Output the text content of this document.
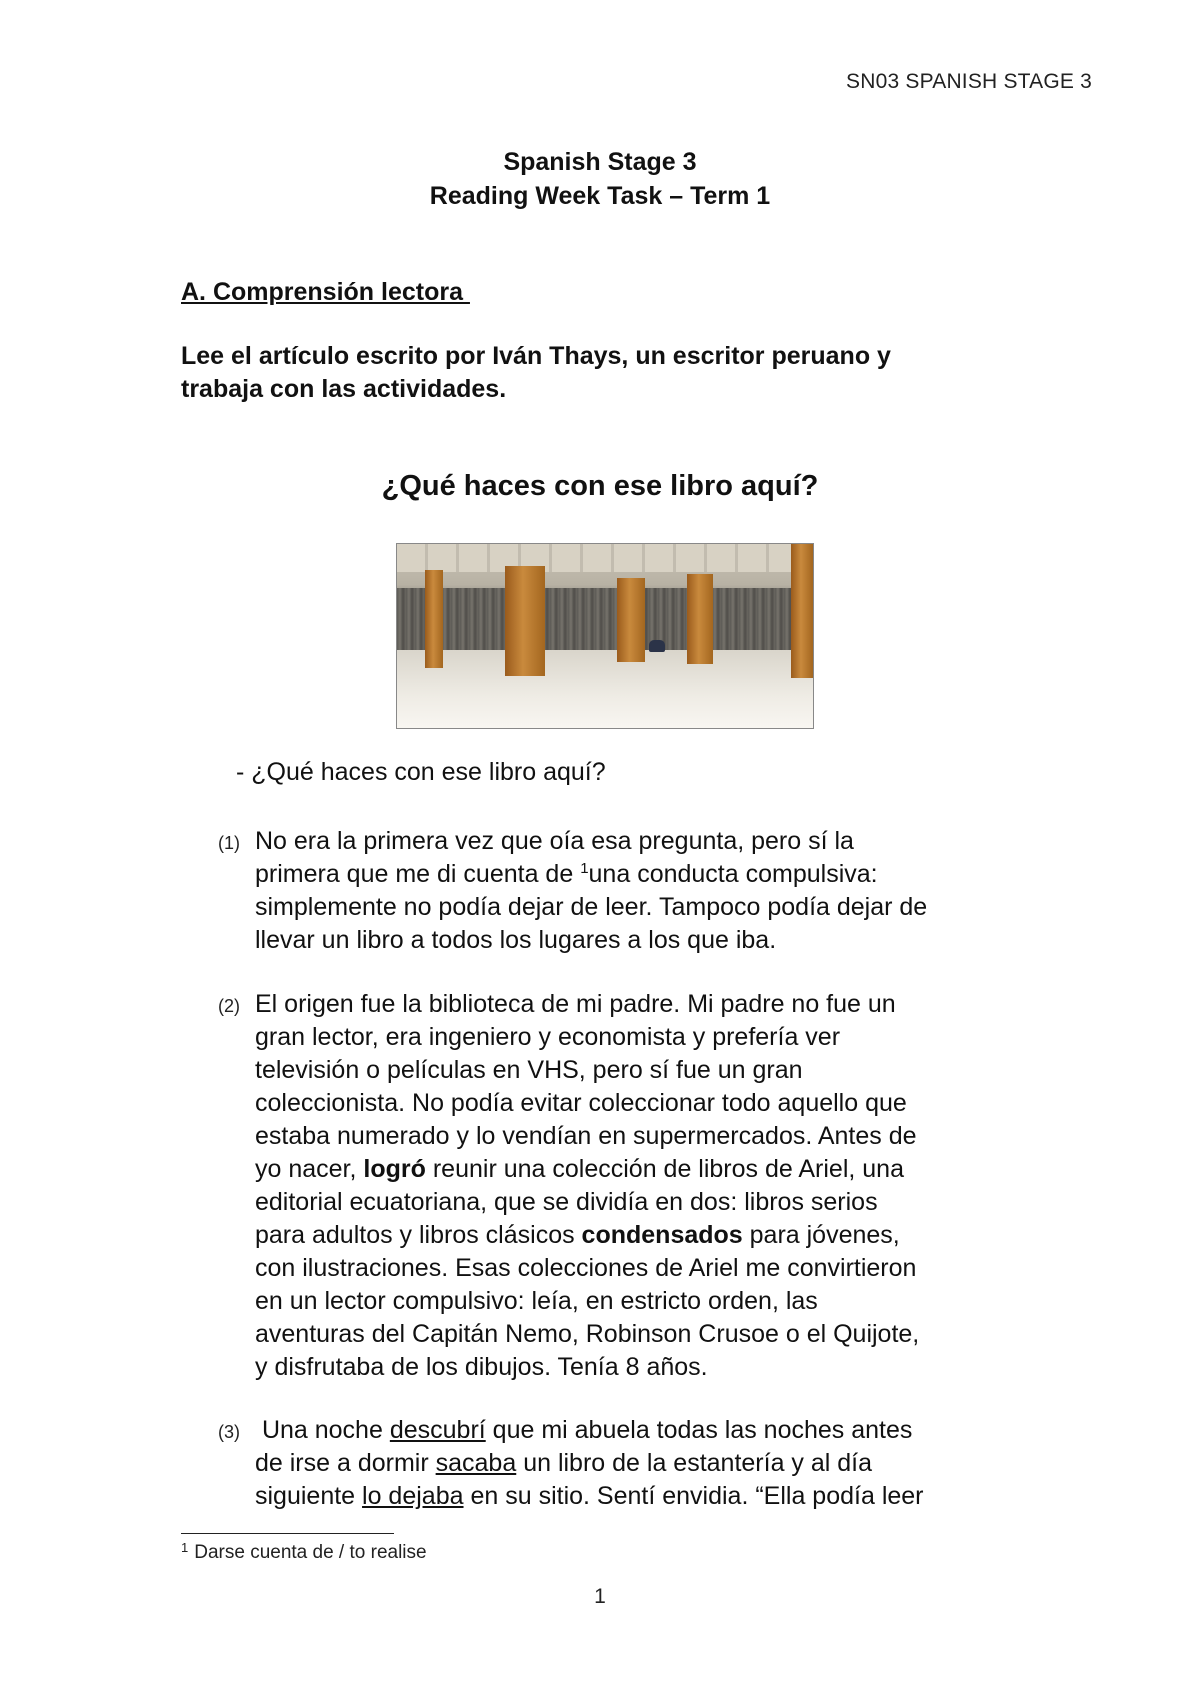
SN03 SPANISH STAGE 3
Spanish Stage 3
Reading Week Task – Term 1
A. Comprensión lectora
Lee el artículo escrito por Iván Thays, un escritor peruano y
trabaja con las actividades.
¿Qué haces con ese libro aquí?
- ¿Qué haces con ese libro aquí?
(1) No era la primera vez que oía esa pregunta, pero sí la
primera que me di cuenta de $^1$una conducta compulsiva:
simplemente no podía dejar de leer. Tampoco podía dejar de
llevar un libro a todos los lugares a los que iba.
(2) El origen fue la biblioteca de mi padre. Mi padre no fue un
gran lector, era ingeniero y economista y prefería ver
televisión o películas en VHS, pero sí fue un gran
coleccionista. No podía evitar coleccionar todo aquello que
estaba numerado y lo vendían en supermercados. Antes de
yo nacer, logró reunir una colección de libros de Ariel, una
editorial ecuatoriana, que se dividía en dos: libros serios
para adultos y libros clásicos condensados para jóvenes,
con ilustraciones. Esas colecciones de Ariel me convirtieron
en un lector compulsivo: leía, en estricto orden, las
aventuras del Capitán Nemo, Robinson Crusoe o el Quijote,
y disfrutaba de los dibujos. Tenía 8 años.
(3) Una noche descubrí que mi abuela todas las noches antes
de irse a dormir sacaba un libro de la estantería y al día
siguiente lo dejaba en su sitio. Sentí envidia. “Ella podía leer
$^1$ Darse cuenta de / to realise
1
